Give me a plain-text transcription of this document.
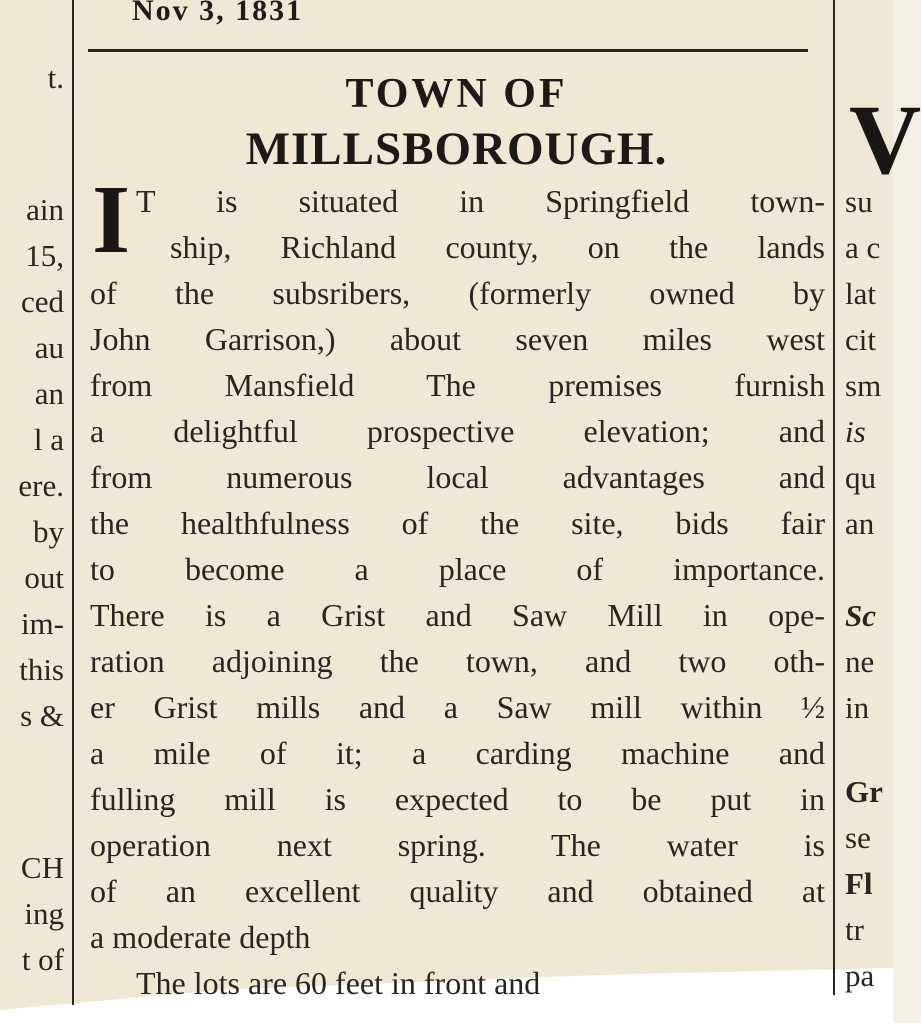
Nov 3, 1831
TOWN OF
MILLSBOROUGH.
I T is situated in Springfield town-
ship, Richland county, on the lands
of the subsribers, (formerly owned by
John Garrison,) about seven miles west
from Mansfield The premises furnish
a delightful prospective elevation; and
from numerous local advantages and
the healthfulness of the site, bids fair
to become a place of importance.
There is a Grist and Saw Mill in ope-
ration adjoining the town, and two oth-
er Grist mills and a Saw mill within ½
a mile of it; a carding machine and
fulling mill is expected to be put in
operation next spring. The water is
of an excellent quality and obtained at
a moderate depth
The lots are 60 feet in front and
t.
ain
15,
ced
au
an
l a
ere.
by
out
im-
this
s &
CH
ing
t of
V
su
a c
lat
cit
sm
is
qu
an
Sc
ne
in
Gr
se
Fl
tr
pa
